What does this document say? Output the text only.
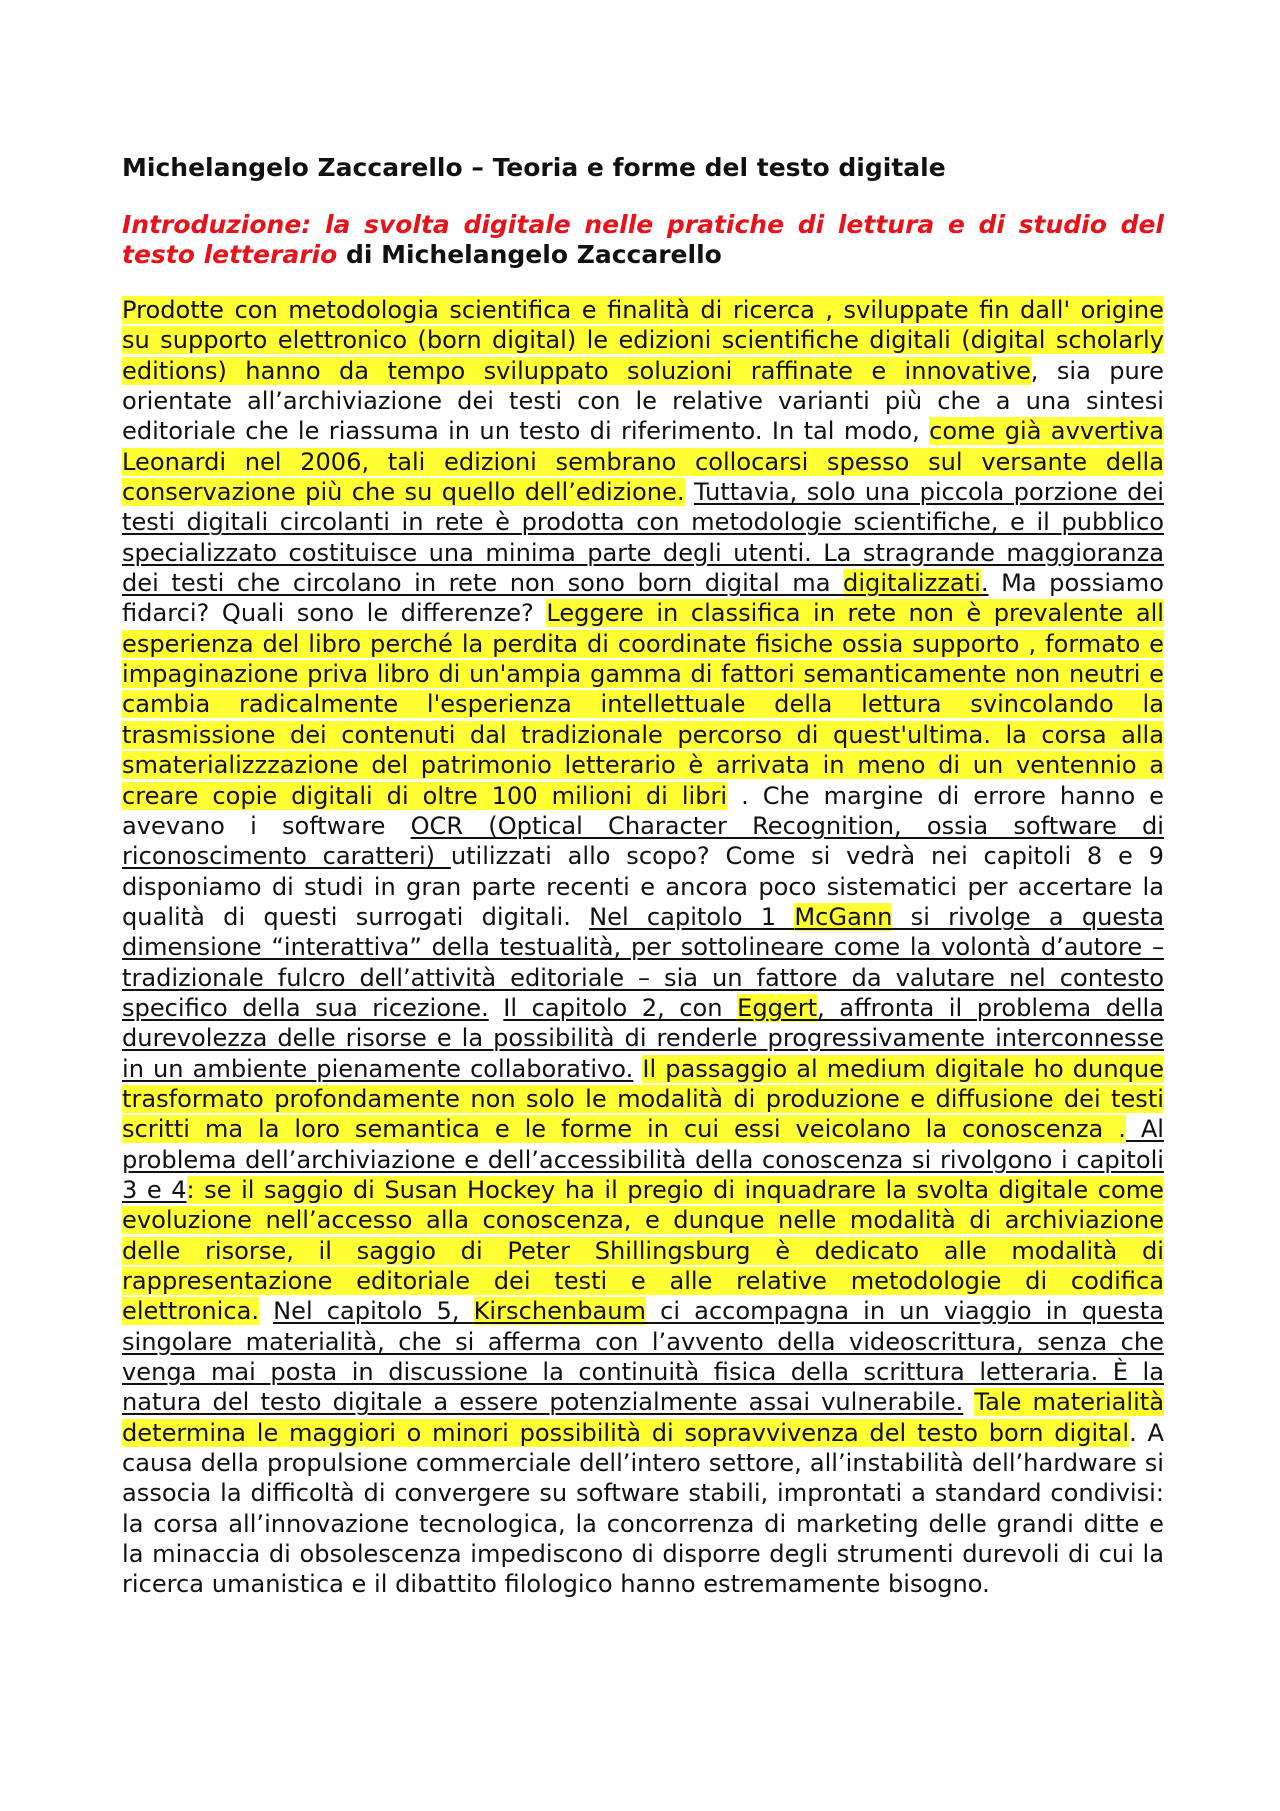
Michelangelo Zaccarello – Teoria e forme del testo digitale
Introduzione: la svolta digitale nelle pratiche di lettura e di studio del testo letterario di Michelangelo Zaccarello

Prodotte con metodologia scientifica e finalità di ricerca , sviluppate fin dall' origine su supporto elettronico (born digital) le edizioni scientifiche digitali (digital scholarly editions) hanno da tempo sviluppato soluzioni raffinate e innovative, sia pure orientate all’archiviazione dei testi con le relative varianti più che a una sintesi editoriale che le riassuma in un testo di riferimento. In tal modo, come già avvertiva Leonardi nel 2006, tali edizioni sembrano collocarsi spesso sul versante della conservazione più che su quello dell’edizione. Tuttavia, solo una piccola porzione dei testi digitali circolanti in rete è prodotta con metodologie scientifiche, e il pubblico specializzato costituisce una minima parte degli utenti. La stragrande maggioranza dei testi che circolano in rete non sono born digital ma digitalizzati. Ma possiamo fidarci? Quali sono le differenze? Leggere in classifica in rete non è prevalente all esperienza del libro perché la perdita di coordinate fisiche ossia supporto , formato e impaginazione priva libro di un'ampia gamma di fattori semanticamente non neutri e cambia radicalmente l'esperienza intellettuale della lettura svincolando la trasmissione dei contenuti dal tradizionale percorso di quest'ultima. la corsa alla smaterializzzazione del patrimonio letterario è arrivata in meno di un ventennio a creare copie digitali di oltre 100 milioni di libri . Che margine di errore hanno e avevano i software OCR (Optical Character Recognition, ossia software di riconoscimento caratteri) utilizzati allo scopo? Come si vedrà nei capitoli 8 e 9 disponiamo di studi in gran parte recenti e ancora poco sistematici per accertare la qualità di questi surrogati digitali. Nel capitolo 1 McGann si rivolge a questa dimensione “interattiva” della testualità, per sottolineare come la volontà d’autore – tradizionale fulcro dell’attività editoriale – sia un fattore da valutare nel contesto specifico della sua ricezione. Il capitolo 2, con Eggert, affronta il problema della durevolezza delle risorse e la possibilità di renderle progressivamente interconnesse in un ambiente pienamente collaborativo. Il passaggio al medium digitale ho dunque trasformato profondamente non solo le modalità di produzione e diffusione dei testi scritti ma la loro semantica e le forme in cui essi veicolano la conoscenza . Al problema dell’archiviazione e dell’accessibilità della conoscenza si rivolgono i capitoli 3 e 4: se il saggio di Susan Hockey ha il pregio di inquadrare la svolta digitale come evoluzione nell’accesso alla conoscenza, e dunque nelle modalità di archiviazione delle risorse, il saggio di Peter Shillingsburg è dedicato alle modalità di rappresentazione editoriale dei testi e alle relative metodologie di codifica elettronica. Nel capitolo 5, Kirschenbaum ci accompagna in un viaggio in questa singolare materialità, che si afferma con l’avvento della videoscrittura, senza che venga mai posta in discussione la continuità fisica della scrittura letteraria. È la natura del testo digitale a essere potenzialmente assai vulnerabile. Tale materialità determina le maggiori o minori possibilità di sopravvivenza del testo born digital. A causa della propulsione commerciale dell’intero settore, all’instabilità dell’hardware si associa la difficoltà di convergere su software stabili, improntati a standard condivisi: la corsa all’innovazione tecnologica, la concorrenza di marketing delle grandi ditte e la minaccia di obsolescenza impediscono di disporre degli strumenti durevoli di cui la ricerca umanistica e il dibattito filologico hanno estremamente bisogno.
